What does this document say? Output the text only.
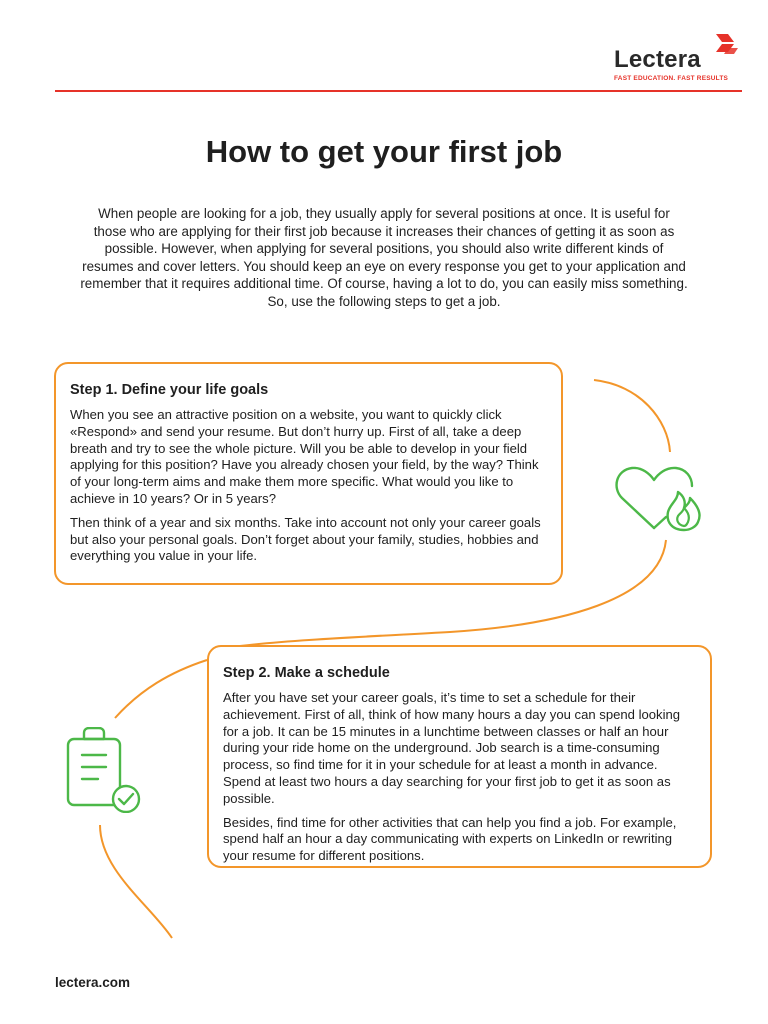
Lectera
FAST EDUCATION. FAST RESULTS
How to get your first job

When people are looking for a job, they usually apply for several positions at once. It is useful for those who are applying for their first job because it increases their chances of getting it as soon as possible. However, when applying for several positions, you should also write different kinds of resumes and cover letters. You should keep an eye on every response you get to your application and remember that it requires additional time. Of course, having a lot to do, you can easily miss something. So, use the following steps to get a job.

Step 1. Define your life goals

When you see an attractive position on a website, you want to quickly click «Respond» and send your resume. But don’t hurry up. First of all, take a deep breath and try to see the whole picture. Will you be able to develop in your field applying for this position? Have you already chosen your field, by the way? Think of your long-term aims and make them more specific. What would you like to achieve in 10 years? Or in 5 years?

Then think of a year and six months. Take into account not only your career goals but also your personal goals. Don’t forget about your family, studies, hobbies and everything you value in your life.

Step 2. Make a schedule

After you have set your career goals, it’s time to set a schedule for their achievement. First of all, think of how many hours a day you can spend looking for a job. It can be 15 minutes in a lunchtime between classes or half an hour during your ride home on the underground. Job search is a time-consuming process, so find time for it in your schedule for at least a month in advance. Spend at least two hours a day searching for your first job to get it as soon as possible.

Besides, find time for other activities that can help you find a job. For example, spend half an hour a day communicating with experts on LinkedIn or rewriting your resume for different positions.

lectera.com
